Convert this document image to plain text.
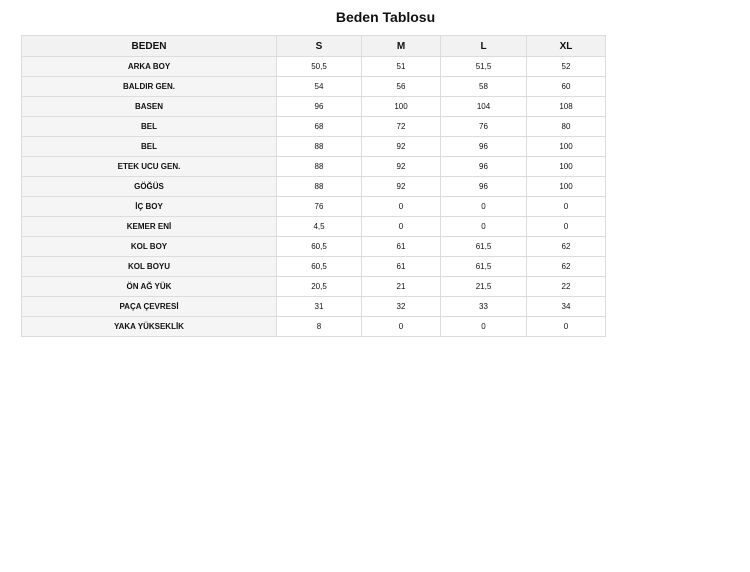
Beden Tablosu
BEDEN	S	M	L	XL
ARKA BOY	50,5	51	51,5	52
BALDIR GEN.	54	56	58	60
BASEN	96	100	104	108
BEL	68	72	76	80
BEL	88	92	96	100
ETEK UCU GEN.	88	92	96	100
GÖĞÜS	88	92	96	100
İÇ BOY	76	0	0	0
KEMER ENİ	4,5	0	0	0
KOL BOY	60,5	61	61,5	62
KOL BOYU	60,5	61	61,5	62
ÖN AĞ YÜK	20,5	21	21,5	22
PAÇA ÇEVRESİ	31	32	33	34
YAKA YÜKSEKLİK	8	0	0	0
